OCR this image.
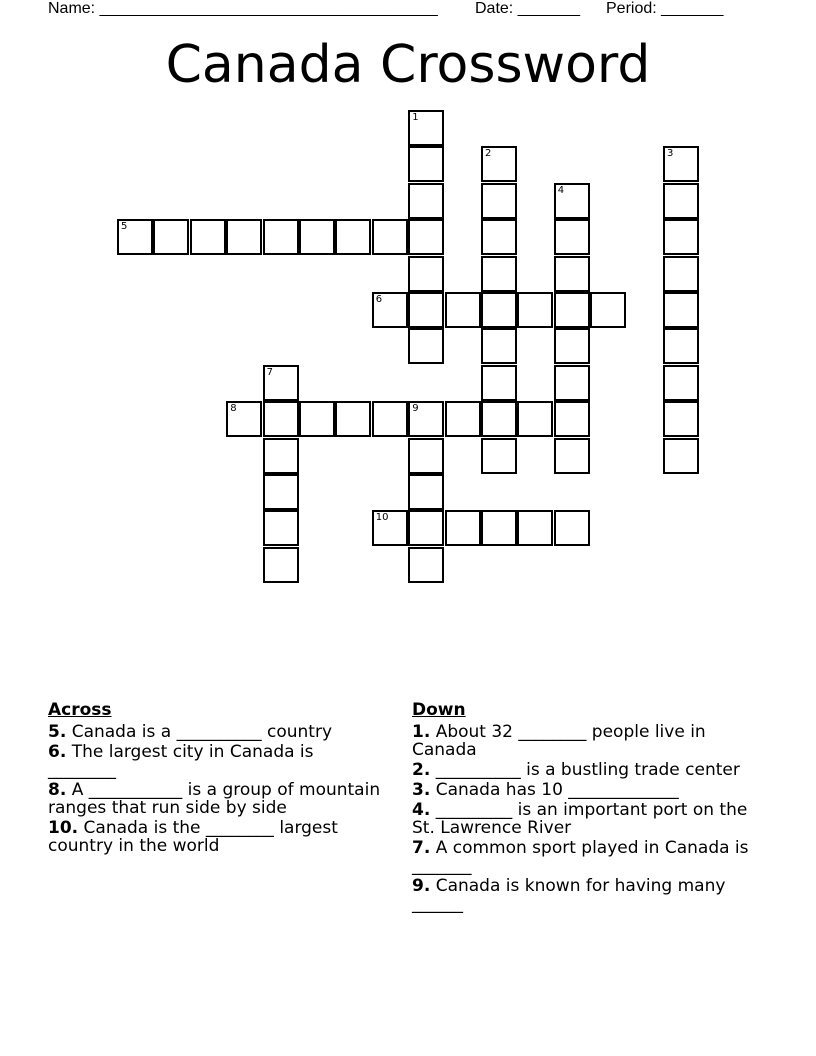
Name: ______________________________________ Date: _______ Period: _______
Canada Crossword
5
6
8	9
10
1
2	3
4
7
Across
5. Canada is a __________ country
6. The largest city in Canada is ________
8. A ___________ is a group of mountain ranges that run side by side
10. Canada is the ________ largest country in the world
Down
1. About 32 ________ people live in Canada
2. __________ is a bustling trade center
3. Canada has 10 _____________
4. _________ is an important port on the St. Lawrence River
7. A common sport played in Canada is _______
9. Canada is known for having many ______
